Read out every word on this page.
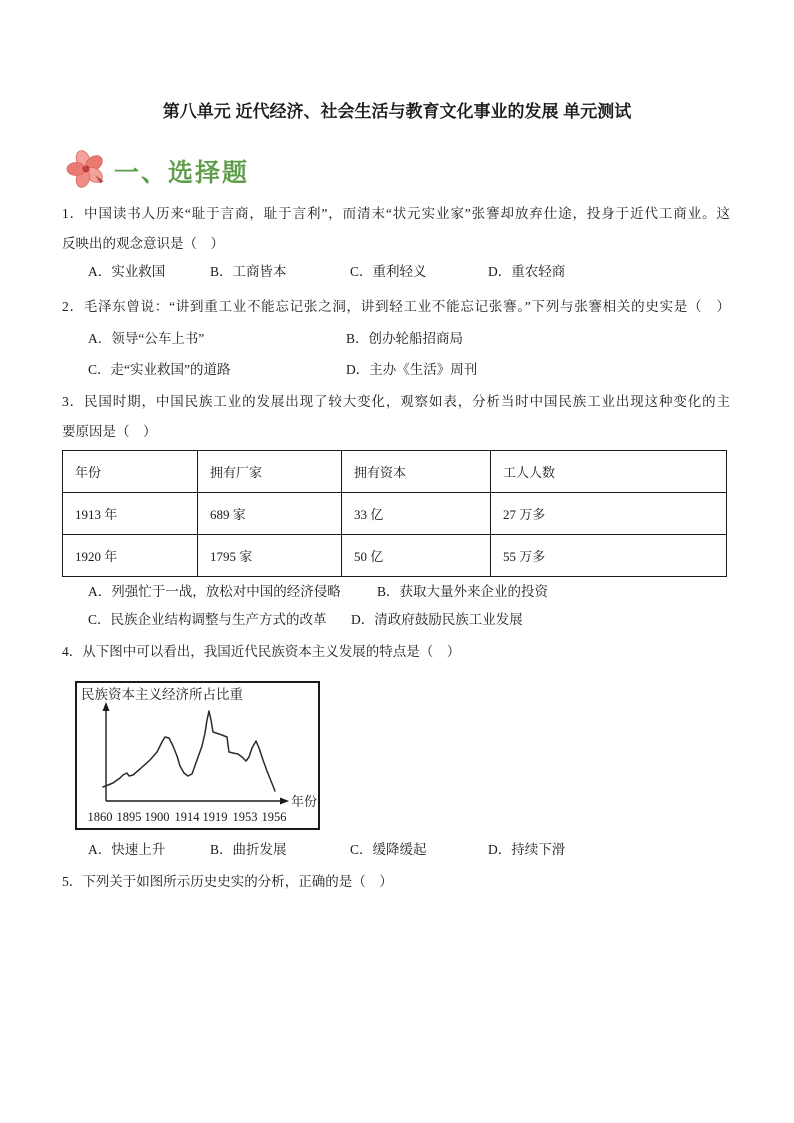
第八单元 近代经济、社会生活与教育文化事业的发展 单元测试
一、选择题
1．中国读书人历来“耻于言商，耻于言利”，而清末“状元实业家”张謇却放弃仕途，投身于近代工商业。这
反映出的观念意识是（　）
A．实业救国	B．工商皆本	C．重利轻义	D．重农轻商
2．毛泽东曾说：“讲到重工业不能忘记张之洞，讲到轻工业不能忘记张謇。”下列与张謇相关的史实是（　）
A．领导“公车上书”	B．创办轮船招商局
C．走“实业救国”的道路	D．主办《生活》周刊
3．民国时期，中国民族工业的发展出现了较大变化，观察如表，分析当时中国民族工业出现这种变化的主
要原因是（　）
年份	拥有厂家	拥有资本	工人人数
1913 年	689 家	33 亿	27 万多
1920 年	1795 家	50 亿	55 万多
A．列强忙于一战，放松对中国的经济侵略	B．获取大量外来企业的投资
C．民族企业结构调整与生产方式的改革 D．清政府鼓励民族工业发展
4．从下图中可以看出，我国近代民族资本主义发展的特点是（　）
民族资本主义经济所占比重
年份
1860 1895 1900 1914 1919 1953 1956
A．快速上升	B．曲折发展	C．缓降缓起	D．持续下滑
5．下列关于如图所示历史史实的分析，正确的是（　）
